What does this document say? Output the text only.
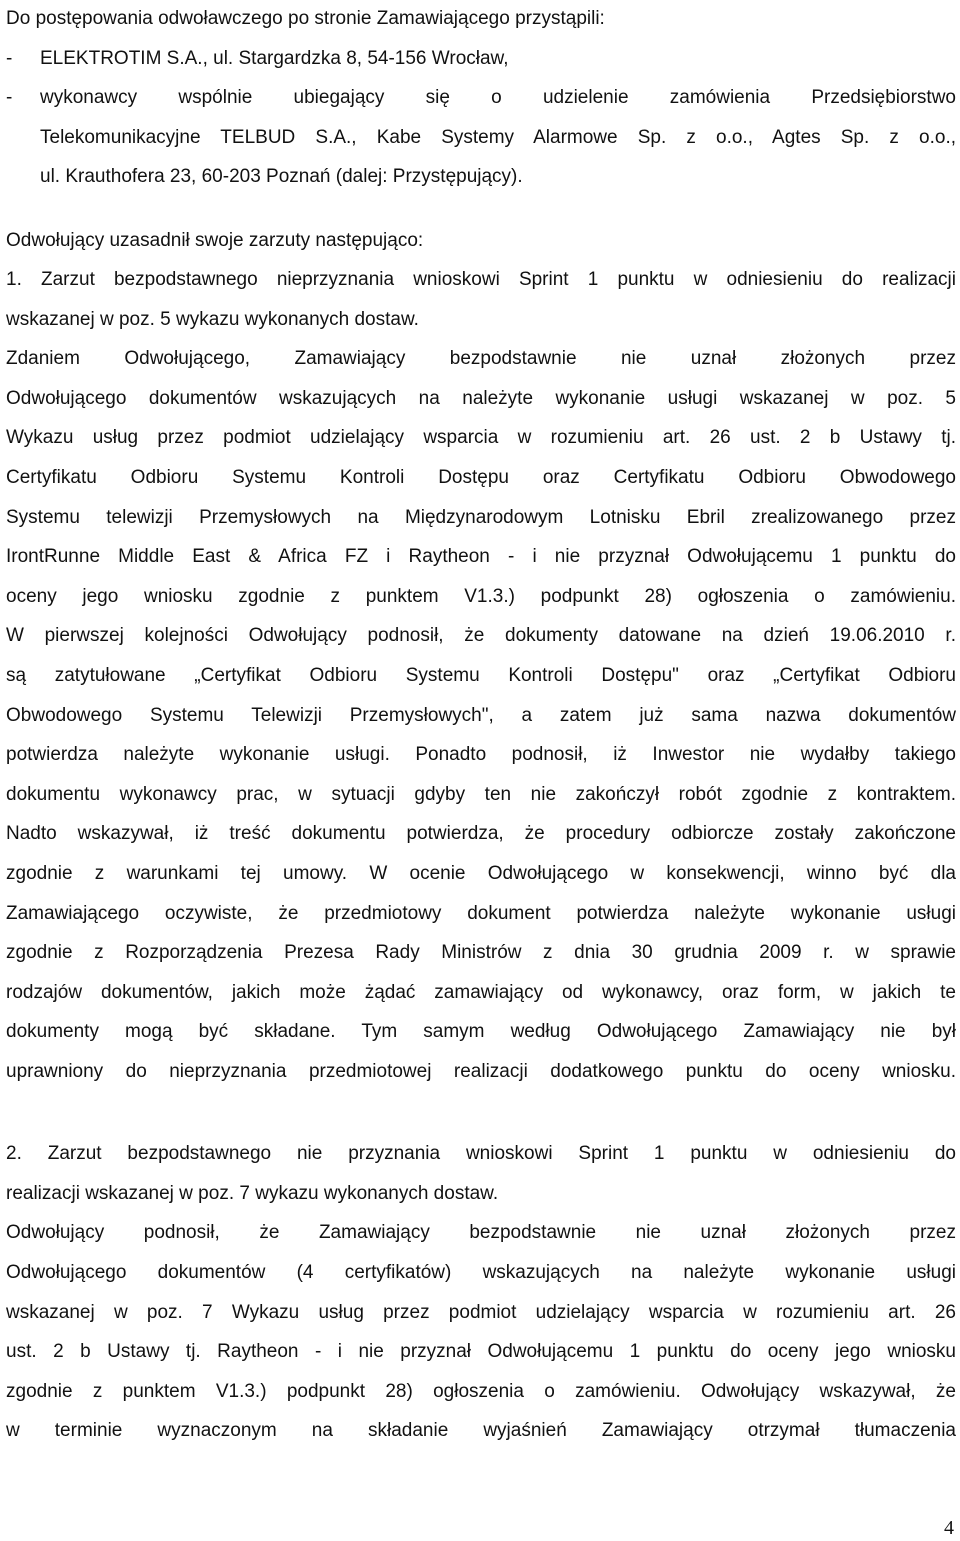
Do postępowania odwoławczego po stronie Zamawiającego przystąpili:
- ELEKTROTIM S.A., ul. Stargardzka 8, 54-156 Wrocław,
- wykonawcy wspólnie ubiegający się o udzielenie zamówienia Przedsiębiorstwo
Telekomunikacyjne TELBUD S.A., Kabe Systemy Alarmowe Sp. z o.o., Agtes Sp. z o.o.,
ul. Krauthofera 23, 60-203 Poznań (dalej: Przystępujący).
Odwołujący uzasadnił swoje zarzuty następująco:
1. Zarzut bezpodstawnego nieprzyznania wnioskowi Sprint 1 punktu w odniesieniu do realizacji
wskazanej w poz. 5 wykazu wykonanych dostaw.
Zdaniem Odwołującego, Zamawiający bezpodstawnie nie uznał złożonych przez
Odwołującego dokumentów wskazujących na należyte wykonanie usługi wskazanej w poz. 5
Wykazu usług przez podmiot udzielający wsparcia w rozumieniu art. 26 ust. 2 b Ustawy tj.
Certyfikatu Odbioru Systemu Kontroli Dostępu oraz Certyfikatu Odbioru Obwodowego
Systemu telewizji Przemysłowych na Międzynarodowym Lotnisku Ebril zrealizowanego przez
IrontRunne Middle East & Africa FZ i Raytheon - i nie przyznał Odwołującemu 1 punktu do
oceny jego wniosku zgodnie z punktem V1.3.) podpunkt 28) ogłoszenia o zamówieniu.
W pierwszej kolejności Odwołujący podnosił, że dokumenty datowane na dzień 19.06.2010 r.
są zatytułowane „Certyfikat Odbioru Systemu Kontroli Dostępu" oraz „Certyfikat Odbioru
Obwodowego Systemu Telewizji Przemysłowych", a zatem już sama nazwa dokumentów
potwierdza należyte wykonanie usługi. Ponadto podnosił, iż Inwestor nie wydałby takiego
dokumentu wykonawcy prac, w sytuacji gdyby ten nie zakończył robót zgodnie z kontraktem.
Nadto wskazywał, iż treść dokumentu potwierdza, że procedury odbiorcze zostały zakończone
zgodnie z warunkami tej umowy. W ocenie Odwołującego w konsekwencji, winno być dla
Zamawiającego oczywiste, że przedmiotowy dokument potwierdza należyte wykonanie usługi
zgodnie z Rozporządzenia Prezesa Rady Ministrów z dnia 30 grudnia 2009 r. w sprawie
rodzajów dokumentów, jakich może żądać zamawiający od wykonawcy, oraz form, w jakich te
dokumenty mogą być składane. Tym samym według Odwołującego Zamawiający nie był
uprawniony do nieprzyznania przedmiotowej realizacji dodatkowego punktu do oceny wniosku.
2. Zarzut bezpodstawnego nie przyznania wnioskowi Sprint 1 punktu w odniesieniu do
realizacji wskazanej w poz. 7 wykazu wykonanych dostaw.
Odwołujący podnosił, że Zamawiający bezpodstawnie nie uznał złożonych przez
Odwołującego dokumentów (4 certyfikatów) wskazujących na należyte wykonanie usługi
wskazanej w poz. 7 Wykazu usług przez podmiot udzielający wsparcia w rozumieniu art. 26
ust. 2 b Ustawy tj. Raytheon - i nie przyznał Odwołującemu 1 punktu do oceny jego wniosku
zgodnie z punktem V1.3.) podpunkt 28) ogłoszenia o zamówieniu. Odwołujący wskazywał, że
w terminie wyznaczonym na składanie wyjaśnień Zamawiający otrzymał tłumaczenia
4
